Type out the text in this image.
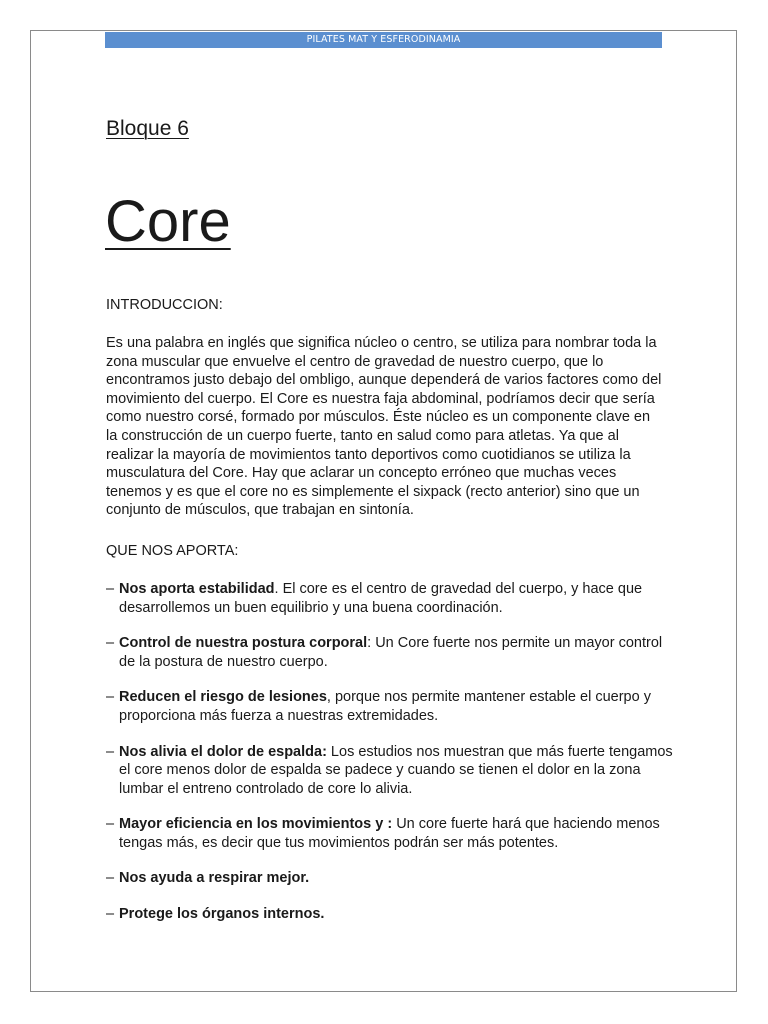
PILATES MAT Y ESFERODINAMIA
Bloque 6
Core

INTRODUCCION:

Es una palabra en inglés que significa núcleo o centro, se utiliza para nombrar toda la zona muscular que envuelve el centro de gravedad de nuestro cuerpo, que lo encontramos justo debajo del ombligo, aunque dependerá de varios factores como del movimiento del cuerpo. El Core es nuestra faja abdominal, podríamos decir que sería como nuestro corsé, formado por músculos. Éste núcleo es un componente clave en la construcción de un cuerpo fuerte, tanto en salud como para atletas. Ya que al realizar la mayoría de movimientos tanto deportivos como cuotidianos se utiliza la musculatura del Core. Hay que aclarar un concepto erróneo que muchas veces tenemos y es que el core no es simplemente el sixpack (recto anterior) sino que un conjunto de músculos, que trabajan en sintonía.

QUE NOS APORTA:

– Nos aporta estabilidad. El core es el centro de gravedad del cuerpo, y hace que desarrollemos un buen equilibrio y una buena coordinación.
– Control de nuestra postura corporal: Un Core fuerte nos permite un mayor control de la postura de nuestro cuerpo.
– Reducen el riesgo de lesiones, porque nos permite mantener estable el cuerpo y proporciona más fuerza a nuestras extremidades.
– Nos alivia el dolor de espalda: Los estudios nos muestran que más fuerte tengamos el core menos dolor de espalda se padece y cuando se tienen el dolor en la zona lumbar el entreno controlado de core lo alivia.
– Mayor eficiencia en los movimientos y : Un core fuerte hará que haciendo menos tengas más, es decir que tus movimientos podrán ser más potentes.
– Nos ayuda a respirar mejor.
– Protege los órganos internos.
